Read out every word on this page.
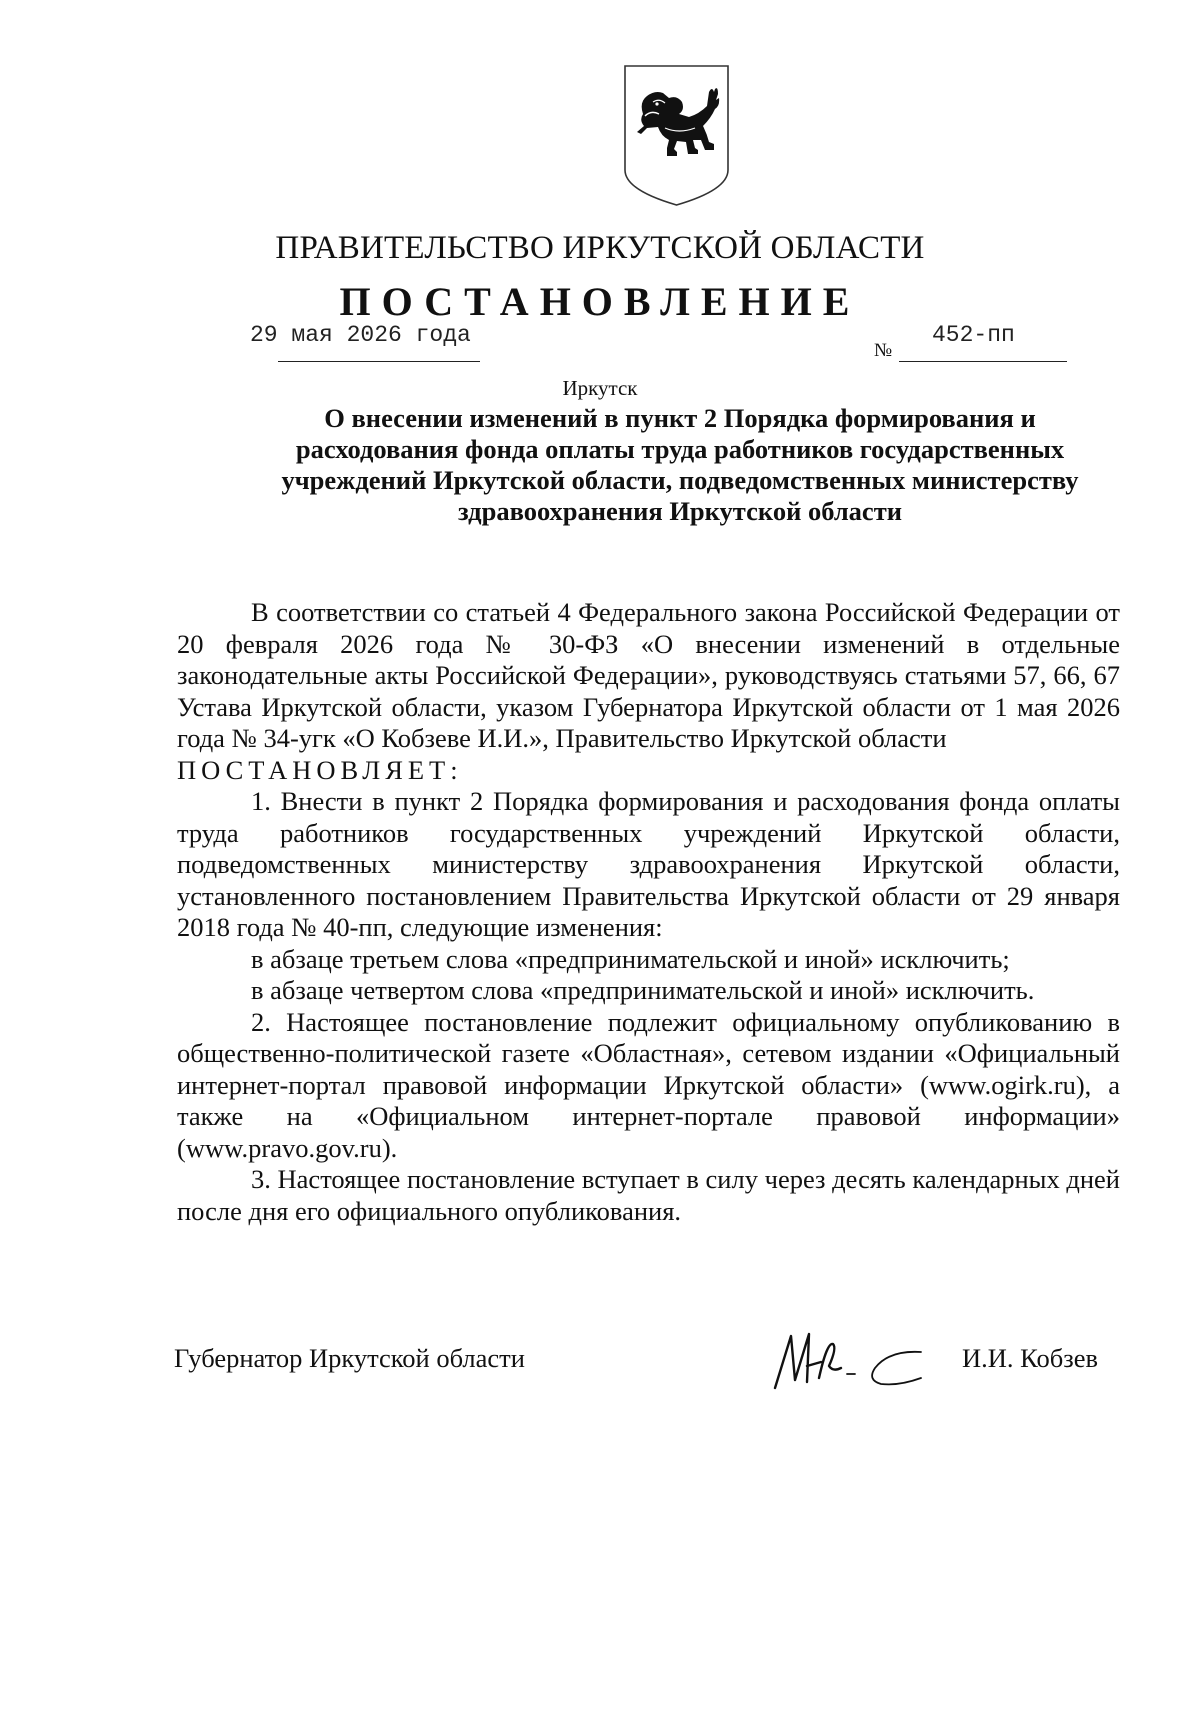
ПРАВИТЕЛЬСТВО ИРКУТСКОЙ ОБЛАСТИ
ПОСТАНОВЛЕНИЕ
29 мая 2026 года
№
452-пп
Иркутск
О внесении изменений в пункт 2 Порядка формирования и
расходования фонда оплаты труда работников государственных
учреждений Иркутской области, подведомственных министерству
здравоохранения Иркутской области

В соответствии со статьей 4 Федерального закона Российской Федерации от 20 февраля 2026 года № 30-ФЗ «О внесении изменений в отдельные законодательные акты Российской Федерации», руководствуясь статьями 57, 66, 67 Устава Иркутской области, указом Губернатора Иркутской области от 1 мая 2026 года № 34-угк «О Кобзеве И.И.», Правительство Иркутской области

ПОСТАНОВЛЯЕТ:

1. Внести в пункт 2 Порядка формирования и расходования фонда оплаты труда работников государственных учреждений Иркутской области, подведомственных министерству здравоохранения Иркутской области, установленного постановлением Правительства Иркутской области от 29 января 2018 года № 40-пп, следующие изменения:

в абзаце третьем слова «предпринимательской и иной» исключить;

в абзаце четвертом слова «предпринимательской и иной» исключить.

2. Настоящее постановление подлежит официальному опубликованию в общественно-политической газете «Областная», сетевом издании «Официальный интернет-портал правовой информации Иркутской области» (www.ogirk.ru), а также на «Официальном интернет-портале правовой информации» (www.pravo.gov.ru).

3. Настоящее постановление вступает в силу через десять календарных дней после дня его официального опубликования.

Губернатор Иркутской области	И.И. Кобзев
